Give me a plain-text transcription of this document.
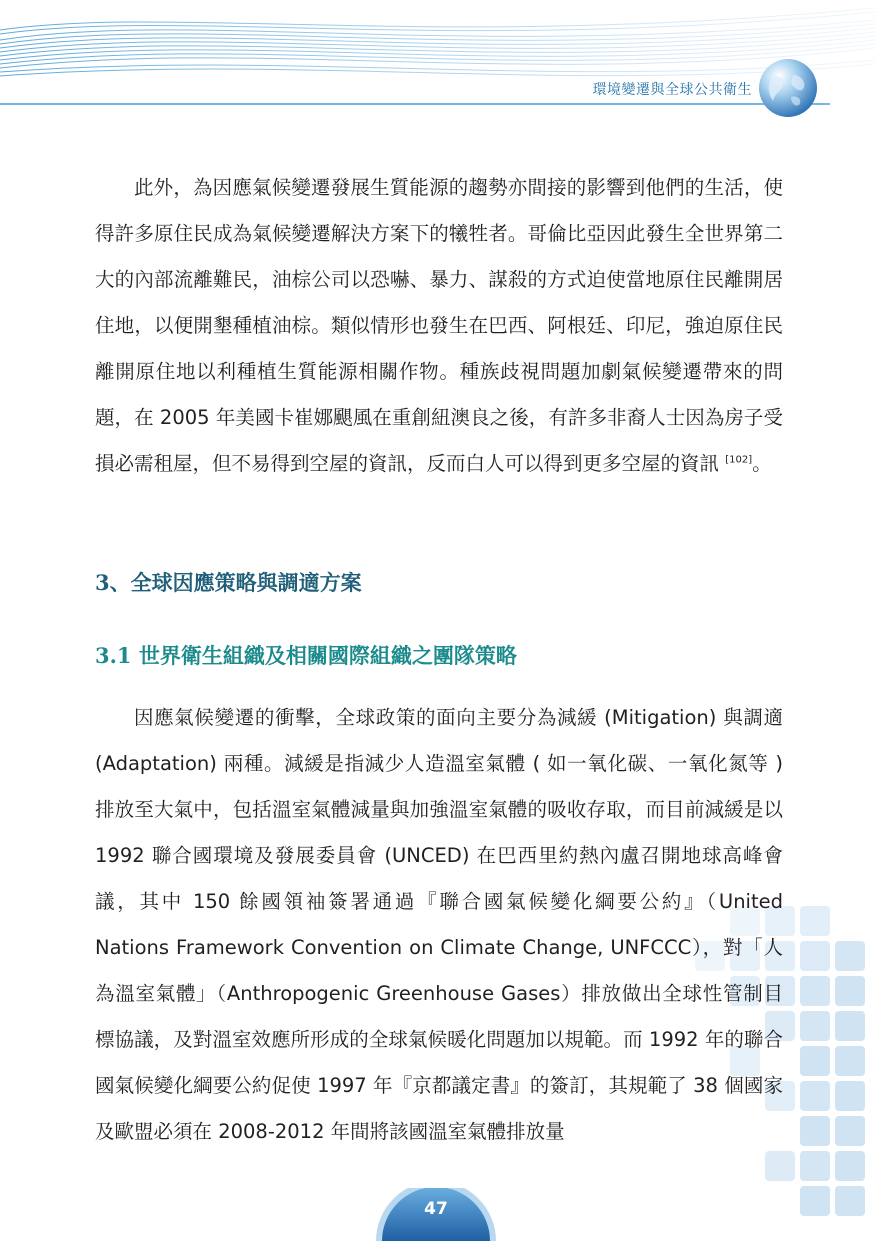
環境變遷與全球公共衛生

此外，為因應氣候變遷發展生質能源的趨勢亦間接的影響到他們的生活，使得許多原住民成為氣候變遷解決方案下的犧牲者。哥倫比亞因此發生全世界第二大的內部流離難民，油棕公司以恐嚇、暴力、謀殺的方式迫使當地原住民離開居住地，以便開墾種植油棕。類似情形也發生在巴西、阿根廷、印尼，強迫原住民離開原住地以利種植生質能源相關作物。種族歧視問題加劇氣候變遷帶來的問題，在 2005 年美國卡崔娜颶風在重創紐澳良之後，有許多非裔人士因為房子受損必需租屋，但不易得到空屋的資訊，反而白人可以得到更多空屋的資訊 [102]。

3、全球因應策略與調適方案
3.1 世界衛生組織及相關國際組織之團隊策略

因應氣候變遷的衝擊，全球政策的面向主要分為減緩 (Mitigation) 與調適 (Adaptation) 兩種。減緩是指減少人造溫室氣體 ( 如一氧化碳、一氧化氮等 ) 排放至大氣中，包括溫室氣體減量與加強溫室氣體的吸收存取，而目前減緩是以 1992 聯合國環境及發展委員會 (UNCED) 在巴西里約熱內盧召開地球高峰會議，其中 150 餘國領袖簽署通過『聯合國氣候變化綱要公約』（United Nations Framework Convention on Climate Change, UNFCCC），對「人為溫室氣體」（Anthropogenic Greenhouse Gases）排放做出全球性管制目標協議，及對溫室效應所形成的全球氣候暖化問題加以規範。而 1992 年的聯合國氣候變化綱要公約促使 1997 年『京都議定書』的簽訂，其規範了 38 個國家及歐盟必須在 2008-2012 年間將該國溫室氣體排放量

47
